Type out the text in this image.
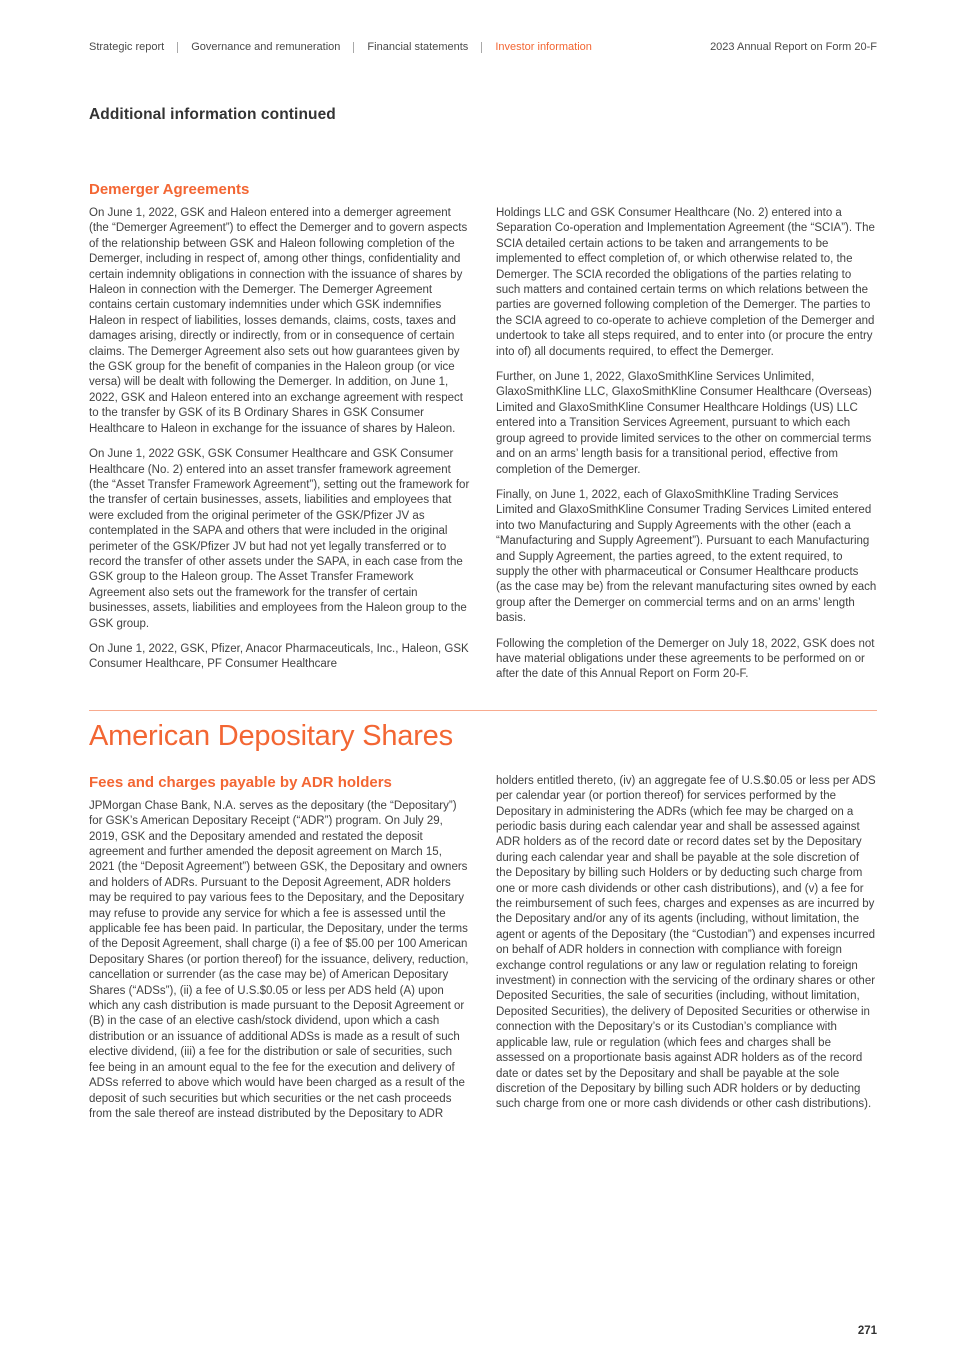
Strategic report Governance and remuneration Financial statements Investor information	2023 Annual Report on Form 20-F
Additional information continued
Demerger Agreements

On June 1, 2022, GSK and Haleon entered into a demerger agreement (the “Demerger Agreement”) to effect the Demerger and to govern aspects of the relationship between GSK and Haleon following completion of the Demerger, including in respect of, among other things, confidentiality and certain indemnity obligations in connection with the issuance of shares by Haleon in connection with the Demerger. The Demerger Agreement contains certain customary indemnities under which GSK indemnifies Haleon in respect of liabilities, losses demands, claims, costs, taxes and damages arising, directly or indirectly, from or in consequence of certain claims. The Demerger Agreement also sets out how guarantees given by the GSK group for the benefit of companies in the Haleon group (or vice versa) will be dealt with following the Demerger. In addition, on June 1, 2022, GSK and Haleon entered into an exchange agreement with respect to the transfer by GSK of its B Ordinary Shares in GSK Consumer Healthcare to Haleon in exchange for the issuance of shares by Haleon.

On June 1, 2022 GSK, GSK Consumer Healthcare and GSK Consumer Healthcare (No. 2) entered into an asset transfer framework agreement (the “Asset Transfer Framework Agreement”), setting out the framework for the transfer of certain businesses, assets, liabilities and employees that were excluded from the original perimeter of the GSK/Pfizer JV as contemplated in the SAPA and others that were included in the original perimeter of the GSK/Pfizer JV but had not yet legally transferred or to record the transfer of other assets under the SAPA, in each case from the GSK group to the Haleon group. The Asset Transfer Framework Agreement also sets out the framework for the transfer of certain businesses, assets, liabilities and employees from the Haleon group to the GSK group.

On June 1, 2022, GSK, Pfizer, Anacor Pharmaceuticals, Inc., Haleon, GSK Consumer Healthcare, PF Consumer Healthcare

Holdings LLC and GSK Consumer Healthcare (No. 2) entered into a Separation Co-operation and Implementation Agreement (the “SCIA”). The SCIA detailed certain actions to be taken and arrangements to be implemented to effect completion of, or which otherwise related to, the Demerger. The SCIA recorded the obligations of the parties relating to such matters and contained certain terms on which relations between the parties are governed following completion of the Demerger. The parties to the SCIA agreed to co-operate to achieve completion of the Demerger and undertook to take all steps required, and to enter into (or procure the entry into of) all documents required, to effect the Demerger.

Further, on June 1, 2022, GlaxoSmithKline Services Unlimited, GlaxoSmithKline LLC, GlaxoSmithKline Consumer Healthcare (Overseas) Limited and GlaxoSmithKline Consumer Healthcare Holdings (US) LLC entered into a Transition Services Agreement, pursuant to which each group agreed to provide limited services to the other on commercial terms and on an arms’ length basis for a transitional period, effective from completion of the Demerger.

Finally, on June 1, 2022, each of GlaxoSmithKline Trading Services Limited and GlaxoSmithKline Consumer Trading Services Limited entered into two Manufacturing and Supply Agreements with the other (each a “Manufacturing and Supply Agreement”). Pursuant to each Manufacturing and Supply Agreement, the parties agreed, to the extent required, to supply the other with pharmaceutical or Consumer Healthcare products (as the case may be) from the relevant manufacturing sites owned by each group after the Demerger on commercial terms and on an arms’ length basis.

Following the completion of the Demerger on July 18, 2022, GSK does not have material obligations under these agreements to be performed on or after the date of this Annual Report on Form 20-F.

American Depositary Shares
Fees and charges payable by ADR holders

JPMorgan Chase Bank, N.A. serves as the depositary (the “Depositary”) for GSK’s American Depositary Receipt (“ADR”) program. On July 29, 2019, GSK and the Depositary amended and restated the deposit agreement and further amended the deposit agreement on March 15, 2021 (the “Deposit Agreement”) between GSK, the Depositary and owners and holders of ADRs. Pursuant to the Deposit Agreement, ADR holders may be required to pay various fees to the Depositary, and the Depositary may refuse to provide any service for which a fee is assessed until the applicable fee has been paid. In particular, the Depositary, under the terms of the Deposit Agreement, shall charge (i) a fee of $5.00 per 100 American Depositary Shares (or portion thereof) for the issuance, delivery, reduction, cancellation or surrender (as the case may be) of American Depositary Shares (“ADSs”), (ii) a fee of U.S.$0.05 or less per ADS held (A) upon which any cash distribution is made pursuant to the Deposit Agreement or (B) in the case of an elective cash/stock dividend, upon which a cash distribution or an issuance of additional ADSs is made as a result of such elective dividend, (iii) a fee for the distribution or sale of securities, such fee being in an amount equal to the fee for the execution and delivery of ADSs referred to above which would have been charged as a result of the deposit of such securities but which securities or the net cash proceeds from the sale thereof are instead distributed by the Depositary to ADR

holders entitled thereto, (iv) an aggregate fee of U.S.$0.05 or less per ADS per calendar year (or portion thereof) for services performed by the Depositary in administering the ADRs (which fee may be charged on a periodic basis during each calendar year and shall be assessed against ADR holders as of the record date or record dates set by the Depositary during each calendar year and shall be payable at the sole discretion of the Depositary by billing such Holders or by deducting such charge from one or more cash dividends or other cash distributions), and (v) a fee for the reimbursement of such fees, charges and expenses as are incurred by the Depositary and/or any of its agents (including, without limitation, the agent or agents of the Depositary (the “Custodian”) and expenses incurred on behalf of ADR holders in connection with compliance with foreign exchange control regulations or any law or regulation relating to foreign investment) in connection with the servicing of the ordinary shares or other Deposited Securities, the sale of securities (including, without limitation, Deposited Securities), the delivery of Deposited Securities or otherwise in connection with the Depositary’s or its Custodian’s compliance with applicable law, rule or regulation (which fees and charges shall be assessed on a proportionate basis against ADR holders as of the record date or dates set by the Depositary and shall be payable at the sole discretion of the Depositary by billing such ADR holders or by deducting such charge from one or more cash dividends or other cash distributions).

271
